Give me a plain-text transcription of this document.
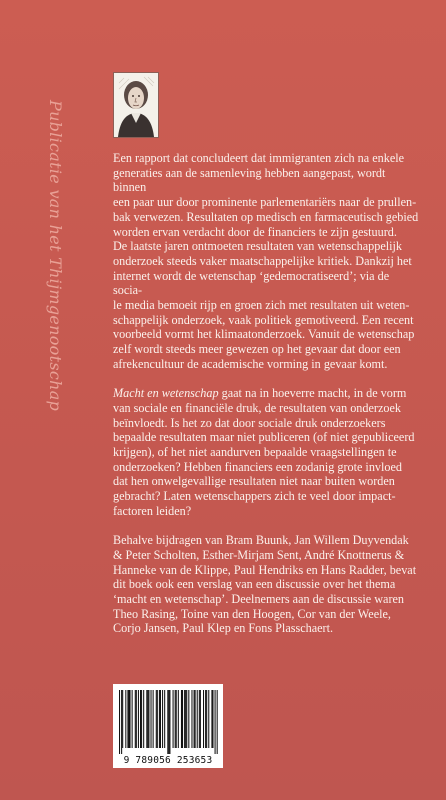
Publicatie van het Thijmgenootschap	Een rapport dat concludeert dat immigranten zich na enkele
generaties aan de samenleving hebben aangepast, wordt binnen
een paar uur door prominente parlementariërs naar de prullen-
bak verwezen. Resultaten op medisch en farmaceutisch gebied
worden ervan verdacht door de financiers te zijn gestuurd.
De laatste jaren ontmoeten resultaten van wetenschappelijk
onderzoek steeds vaker maatschappelijke kritiek. Dankzij het
internet wordt de wetenschap ‘gedemocratiseerd’; via de socia-
le media bemoeit rijp en groen zich met resultaten uit weten-
schappelijk onderzoek, vaak politiek gemotiveerd. Een recent
voorbeeld vormt het klimaatonderzoek. Vanuit de wetenschap
zelf wordt steeds meer gewezen op het gevaar dat door een
afrekencultuur de academische vorming in gevaar komt.
Macht en wetenschap gaat na in hoeverre macht, in de vorm
van sociale en financiële druk, de resultaten van onderzoek
beïnvloedt. Is het zo dat door sociale druk onderzoekers
bepaalde resultaten maar niet publiceren (of niet gepubliceerd
krijgen), of het niet aandurven bepaalde vraagstellingen te
onderzoeken? Hebben financiers een zodanig grote invloed
dat hen onwelgevallige resultaten niet naar buiten worden
gebracht? Laten wetenschappers zich te veel door impact-
factoren leiden?
Behalve bijdragen van Bram Buunk, Jan Willem Duyvendak
& Peter Scholten, Esther-Mirjam Sent, André Knottnerus &
Hanneke van de Klippe, Paul Hendriks en Hans Radder, bevat
dit boek ook een verslag van een discussie over het thema
‘macht en wetenschap’. Deelnemers aan de discussie waren
Theo Rasing, Toine van den Hoogen, Cor van der Weele,
Corjo Jansen, Paul Klep en Fons Plasschaert.
9 789056 253653
